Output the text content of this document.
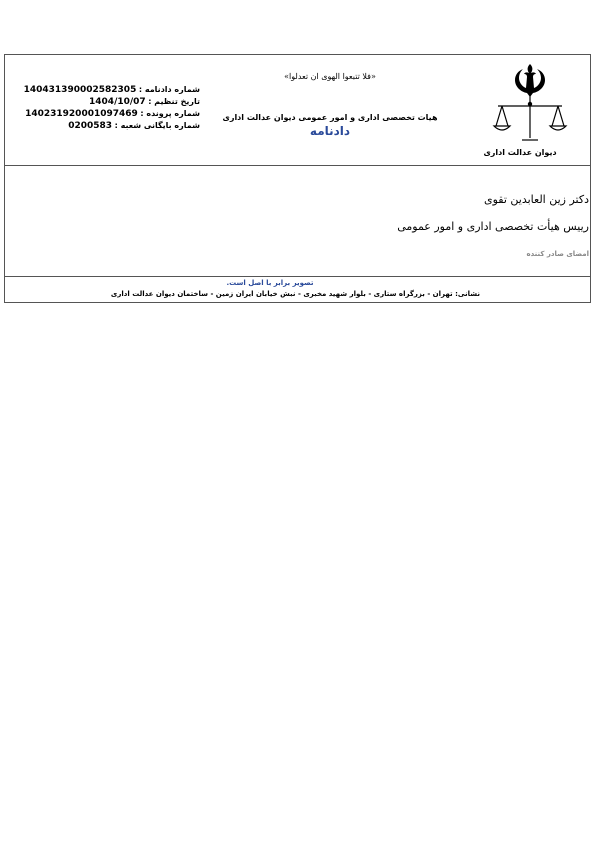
دیوان عدالت اداری
«فلا تتبعوا الهوی ان تعدلوا»
هیات تخصصی اداری و امور عمومی دیوان عدالت اداری
دادنامه
شماره دادنامه : 140431390002582305
تاریخ تنظیم : 1404/10/07
شماره پرونده : 140231920001097469
شماره بایگانی شعبه : 0200583
دکتر زین العابدین تقوی
رییس هیأت تخصصی اداری و امور عمومی
امضای صادر کننده
تصویر برابر با اصل است.
نشانی: تهران - بزرگراه ستاری - بلوار شهید مخبری - نبش خیابان ایران زمین - ساختمان دیوان عدالت اداری
